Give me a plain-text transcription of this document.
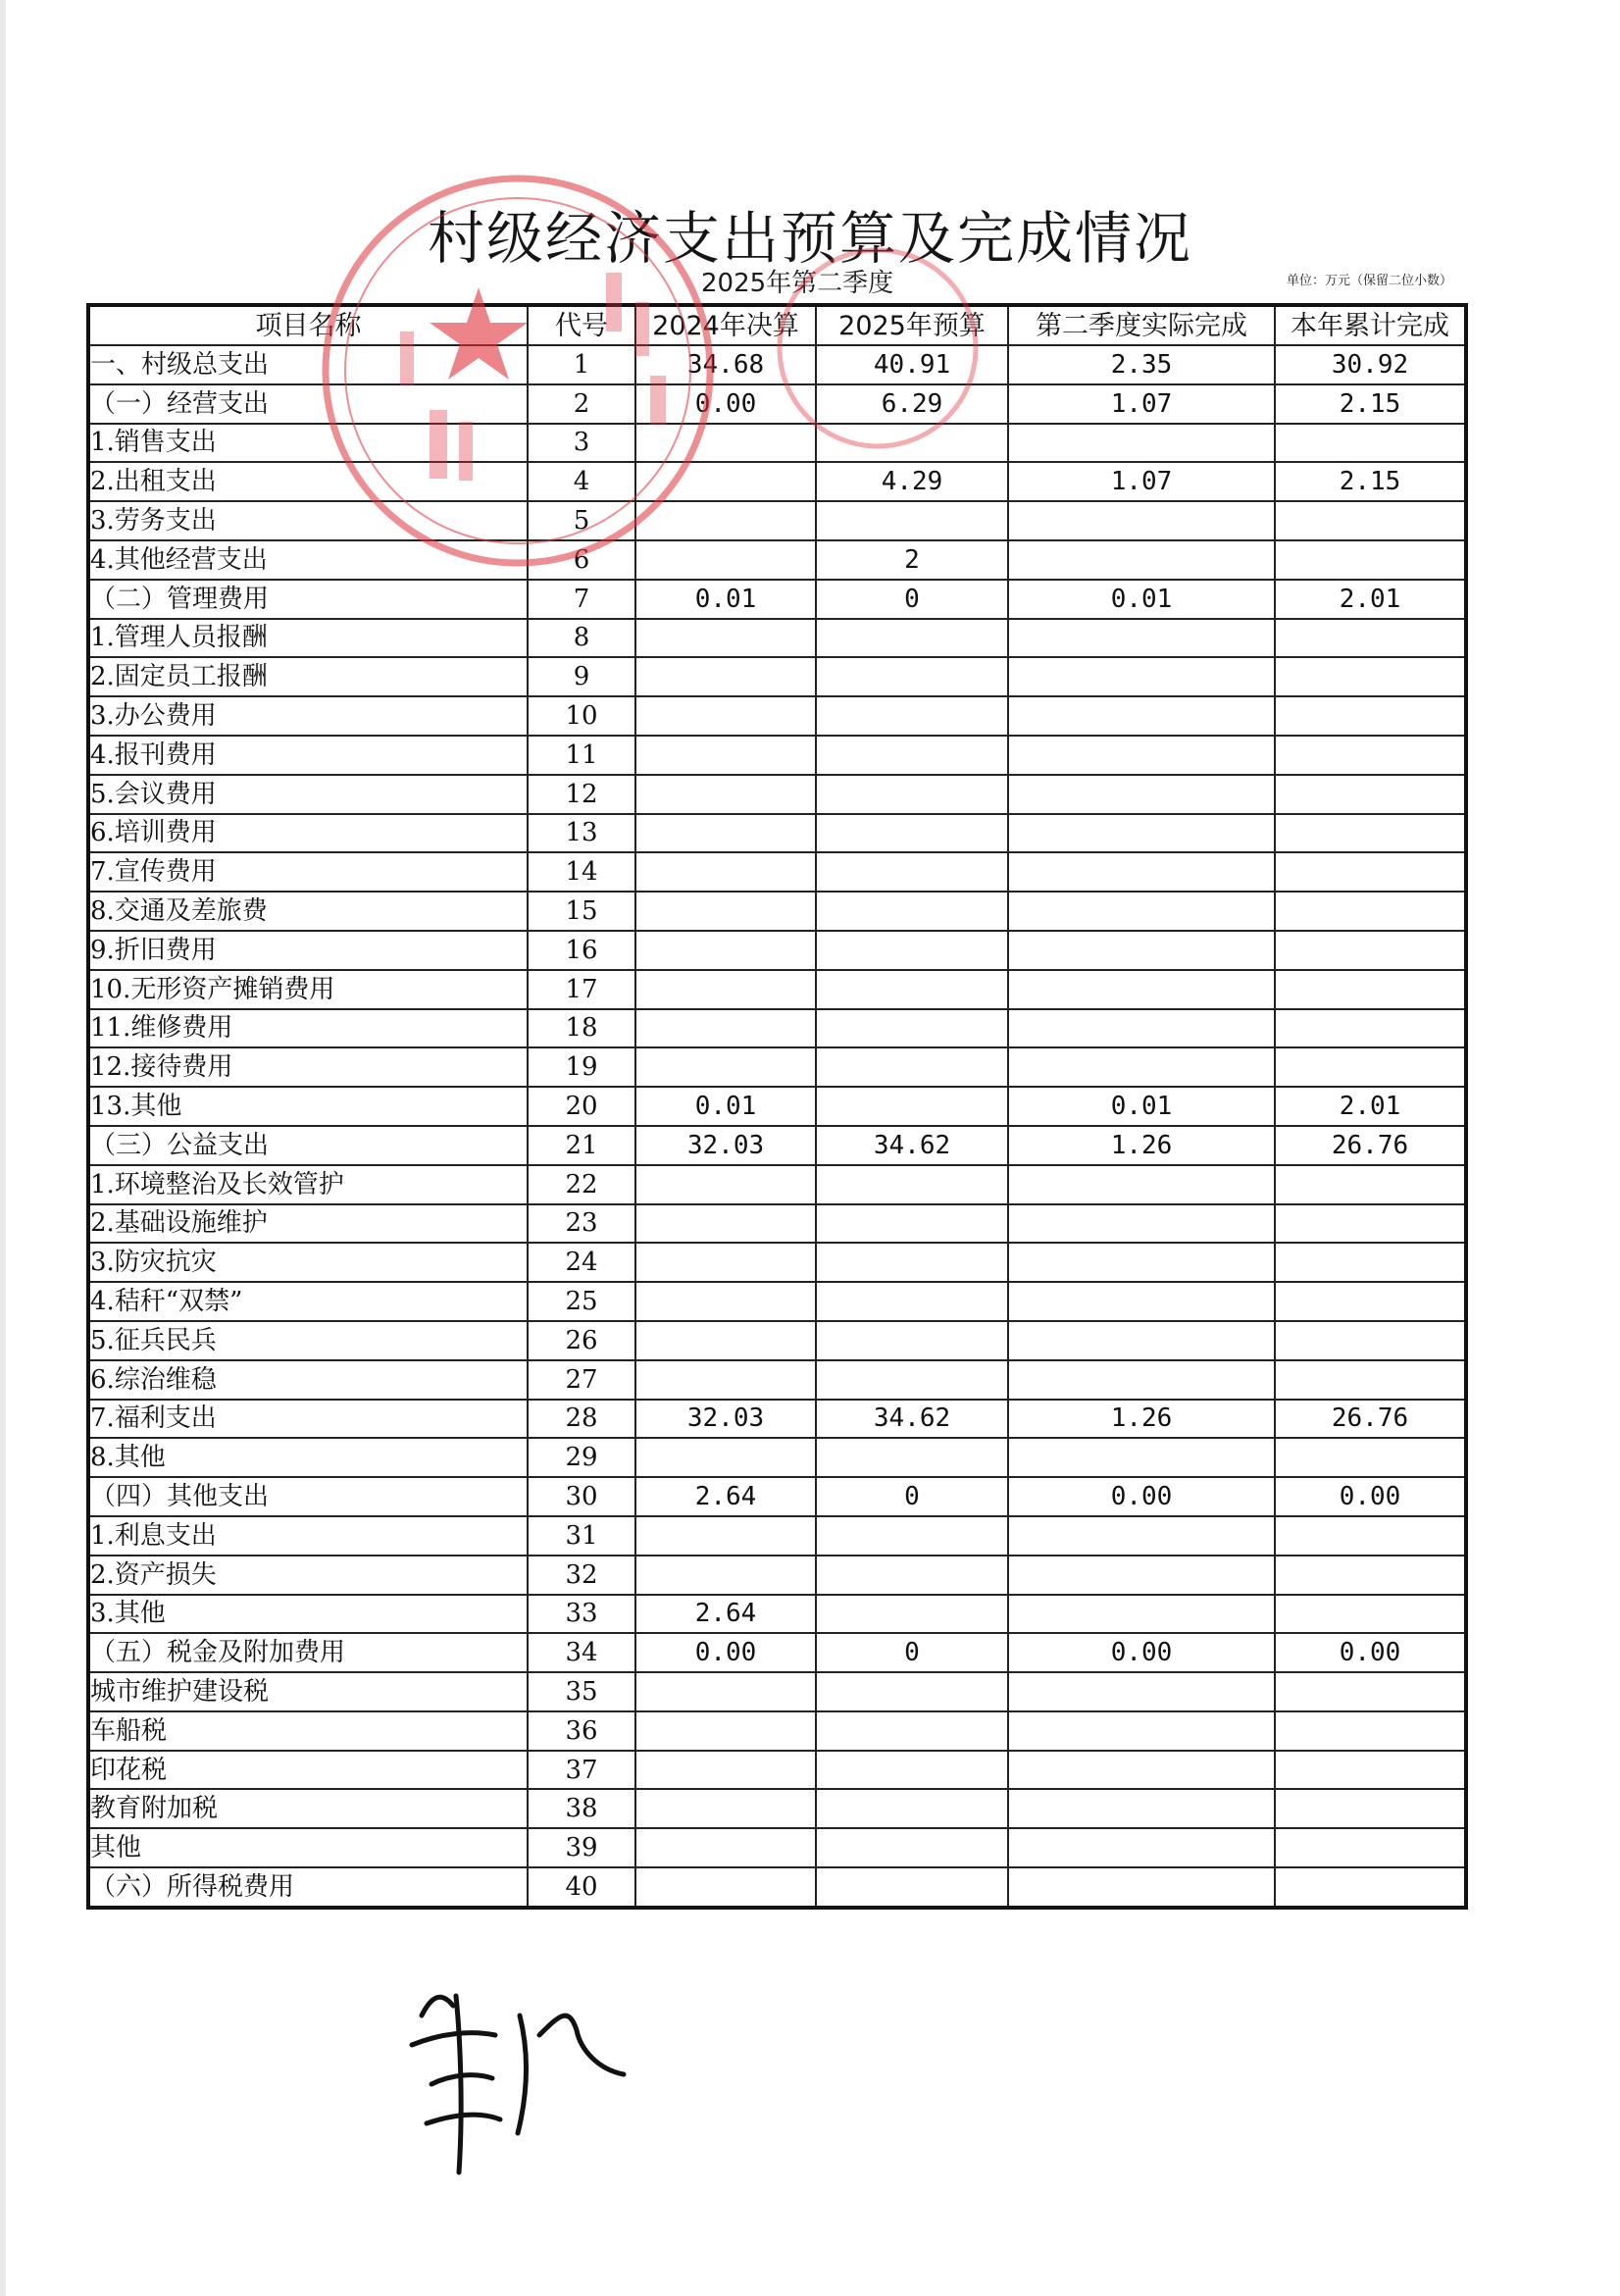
村级经济支出预算及完成情况
2025年第二季度	单位：万元（保留二位小数）
项目名称	代号	2024年决算	2025年预算	第二季度实际完成	本年累计完成
一、村级总支出	1	34.68	40.91	2.35	30.92
（一）经营支出	2	0.00	6.29	1.07	2.15
1.销售支出	3				
2.出租支出	4		4.29	1.07	2.15
3.劳务支出	5				
4.其他经营支出	6		2		
（二）管理费用	7	0.01	0	0.01	2.01
1.管理人员报酬	8				
2.固定员工报酬	9				
3.办公费用	10				
4.报刊费用	11				
5.会议费用	12				
6.培训费用	13				
7.宣传费用	14				
8.交通及差旅费	15				
9.折旧费用	16				
10.无形资产摊销费用	17				
11.维修费用	18				
12.接待费用	19				
13.其他	20	0.01		0.01	2.01
（三）公益支出	21	32.03	34.62	1.26	26.76
1.环境整治及长效管护	22				
2.基础设施维护	23				
3.防灾抗灾	24				
4.秸秆“双禁”	25				
5.征兵民兵	26				
6.综治维稳	27				
7.福利支出	28	32.03	34.62	1.26	26.76
8.其他	29				
（四）其他支出	30	2.64	0	0.00	0.00
1.利息支出	31				
2.资产损失	32				
3.其他	33	2.64			
（五）税金及附加费用	34	0.00	0	0.00	0.00
城市维护建设税	35				
车船税	36				
印花税	37				
教育附加税	38				
其他	39				
（六）所得税费用	40				
